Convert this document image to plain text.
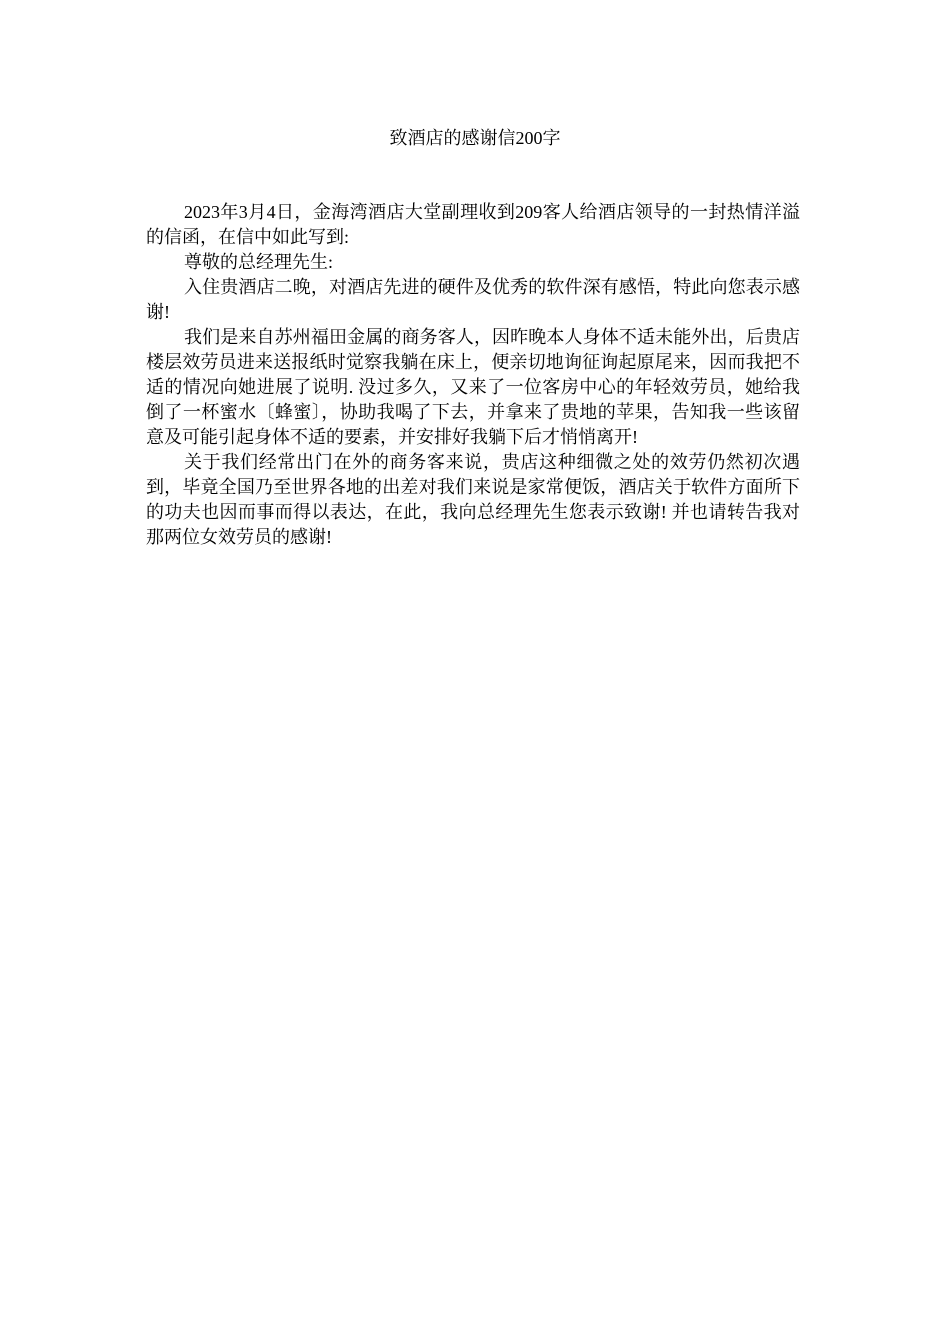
致酒店的感谢信200字

2023年3月4日，金海湾酒店大堂副理收到209客人给酒店领导的一封热情洋溢的信函，在信中如此写到:

尊敬的总经理先生:

入住贵酒店二晚，对酒店先进的硬件及优秀的软件深有感悟，特此向您表示感谢!

我们是来自苏州福田金属的商务客人，因昨晚本人身体不适未能外出，后贵店楼层效劳员进来送报纸时觉察我躺在床上，便亲切地询征询起原尾来，因而我把不适的情况向她进展了说明. 没过多久，又来了一位客房中心的年轻效劳员，她给我倒了一杯蜜水〔蜂蜜〕，协助我喝了下去，并拿来了贵地的苹果，告知我一些该留意及可能引起身体不适的要素，并安排好我躺下后才悄悄离开!

关于我们经常出门在外的商务客来说，贵店这种细微之处的效劳仍然初次遇到，毕竟全国乃至世界各地的出差对我们来说是家常便饭，酒店关于软件方面所下的功夫也因而事而得以表达，在此，我向总经理先生您表示致谢! 并也请转告我对那两位女效劳员的感谢!
